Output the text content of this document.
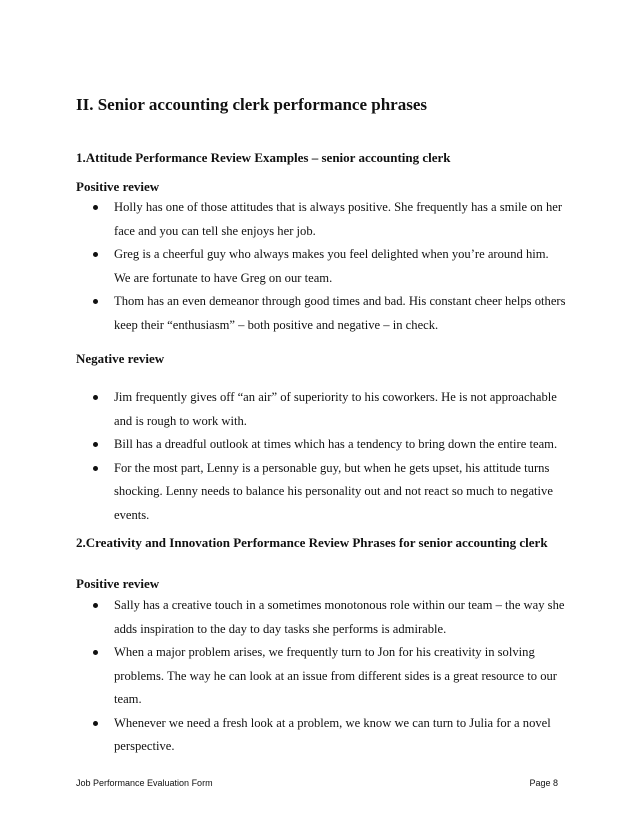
II. Senior accounting clerk performance phrases
1.Attitude Performance Review Examples – senior accounting clerk
Positive review
Holly has one of those attitudes that is always positive. She frequently has a smile on her face and you can tell she enjoys her job.
Greg is a cheerful guy who always makes you feel delighted when you’re around him. We are fortunate to have Greg on our team.
Thom has an even demeanor through good times and bad. His constant cheer helps others keep their “enthusiasm” – both positive and negative – in check.
Negative review
Jim frequently gives off “an air” of superiority to his coworkers. He is not approachable and is rough to work with.
Bill has a dreadful outlook at times which has a tendency to bring down the entire team.
For the most part, Lenny is a personable guy, but when he gets upset, his attitude turns shocking. Lenny needs to balance his personality out and not react so much to negative events.
2.Creativity and Innovation Performance Review Phrases for senior accounting clerk
Positive review
Sally has a creative touch in a sometimes monotonous role within our team – the way she adds inspiration to the day to day tasks she performs is admirable.
When a major problem arises, we frequently turn to Jon for his creativity in solving problems. The way he can look at an issue from different sides is a great resource to our team.
Whenever we need a fresh look at a problem, we know we can turn to Julia for a novel perspective.
Job Performance Evaluation Form	Page 8
